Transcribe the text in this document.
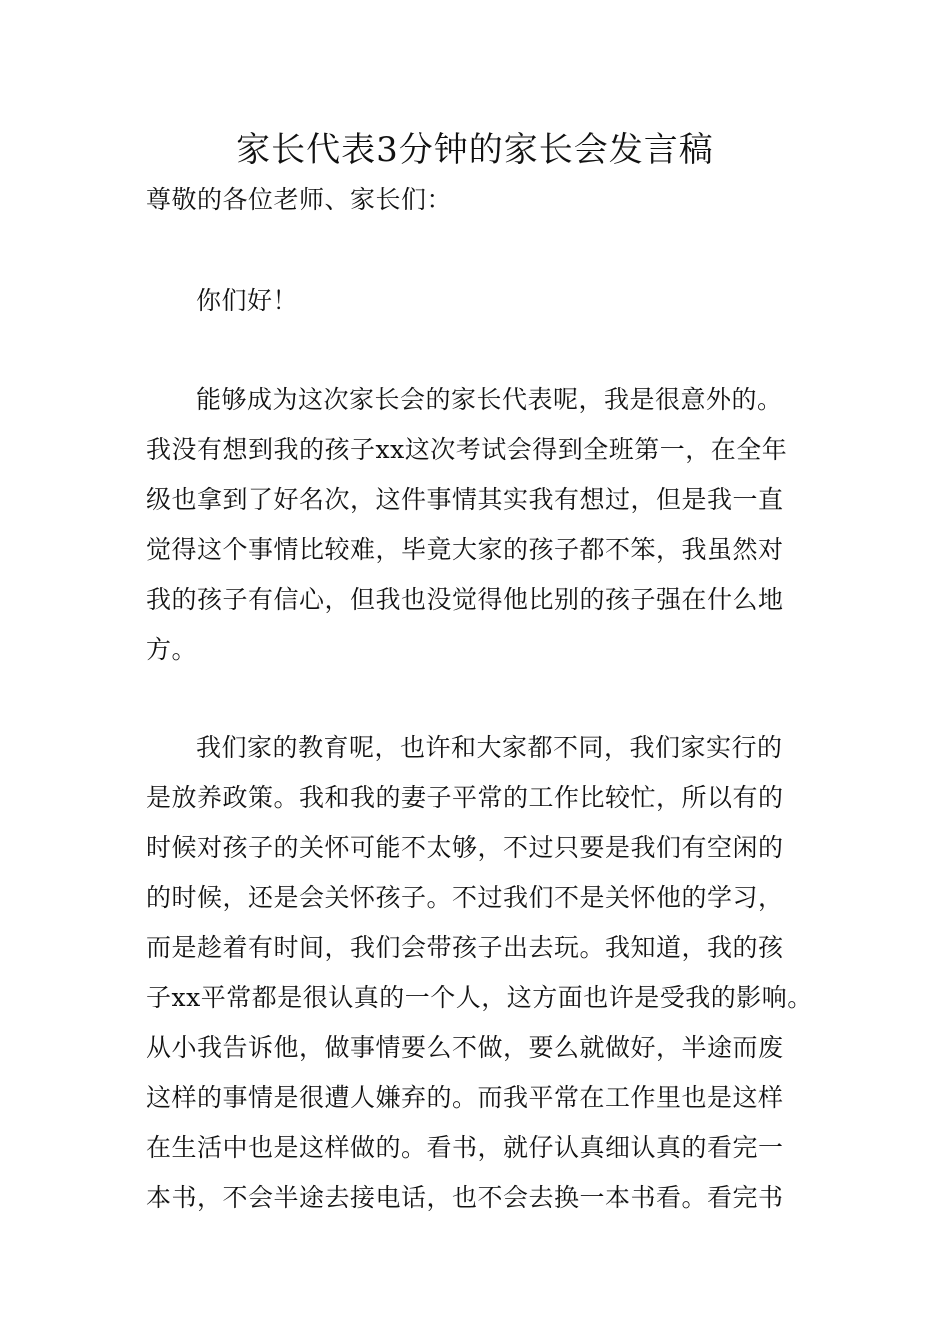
家长代表3分钟的家长会发言稿
尊敬的各位老师、家长们：
你们好！
能够成为这次家长会的家长代表呢，我是很意外的。
我没有想到我的孩子xx这次考试会得到全班第一，在全年
级也拿到了好名次，这件事情其实我有想过，但是我一直
觉得这个事情比较难，毕竟大家的孩子都不笨，我虽然对
我的孩子有信心，但我也没觉得他比别的孩子强在什么地
方。
我们家的教育呢，也许和大家都不同，我们家实行的
是放养政策。我和我的妻子平常的工作比较忙，所以有的
时候对孩子的关怀可能不太够，不过只要是我们有空闲的
的时候，还是会关怀孩子。不过我们不是关怀他的学习，
而是趁着有时间，我们会带孩子出去玩。我知道，我的孩
子xx平常都是很认真的一个人，这方面也许是受我的影响。
从小我告诉他，做事情要么不做，要么就做好，半途而废
这样的事情是很遭人嫌弃的。而我平常在工作里也是这样
在生活中也是这样做的。看书，就仔认真细认真的看完一
本书，不会半途去接电话，也不会去换一本书看。看完书
